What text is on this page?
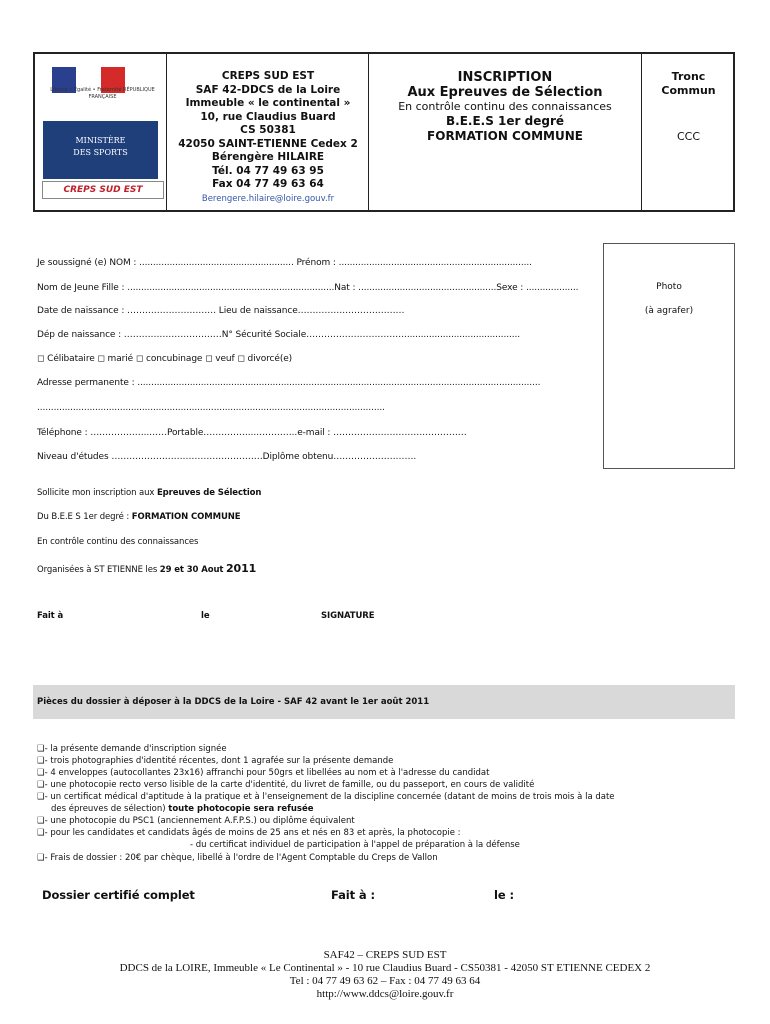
Liberté • Égalité • Fraternité RÉPUBLIQUE FRANÇAISE
MINISTÈRE
DES SPORTS
CREPS SUD EST
CREPS SUD EST
SAF 42-DDCS de la Loire
Immeuble « le continental »
10, rue Claudius Buard
CS 50381
42050 SAINT-ETIENNE Cedex 2
Bérengère HILAIRE
Tél. 04 77 49 63 95
Fax 04 77 49 63 64
Berengere.hilaire@loire.gouv.fr
INSCRIPTION
Aux Epreuves de Sélection
En contrôle continu des connaissances
B.E.E.S 1er degré
FORMATION COMMUNE
Tronc
Commun
CCC
Photo
(à agrafer)
Je soussigné (e) NOM : ........................................................ Prénom : ......................................................................
Nom de Jeune Fille : ...........................................................................Nat : ..................................................Sexe : ...................
Date de naissance : ………………………… Lieu de naissance………………………………
Dép de naissance : ……………………………N° Sécurité Sociale……………………………..........................................
◻ Célibataire ◻ marié ◻ concubinage ◻ veuf ◻ divorcé(e)
Adresse permanente : ..................................................................................................................................................
..............................................................................................................................
Téléphone : ………………..……Portable……………...…………..e-mail : ………………………………………
Niveau d'études ……………………………………………Diplôme obtenu……………………….
Sollicite mon inscription aux Epreuves de Sélection
Du B.E.E S 1er degré : FORMATION COMMUNE
En contrôle continu des connaissances
Organisées à ST ETIENNE les 29 et 30 Aout 2011
Fait à	le	SIGNATURE
Pièces du dossier à déposer à la DDCS de la Loire - SAF 42 avant le 1er août 2011
❑- la présente demande d'inscription signée
❑- trois photographies d'identité récentes, dont 1 agrafée sur la présente demande
❑- 4 enveloppes (autocollantes 23x16) affranchi pour 50grs et libellées au nom et à l'adresse du candidat
❑- une photocopie recto verso lisible de la carte d'identité, du livret de famille, ou du passeport, en cours de validité
❑- un certificat médical d'aptitude à la pratique et à l'enseignement de la discipline concernée (datant de moins de trois mois à la date
des épreuves de sélection) toute photocopie sera refusée
❑- une photocopie du PSC1 (anciennement A.F.P.S.) ou diplôme équivalent
❑- pour les candidates et candidats âgés de moins de 25 ans et nés en 83 et après, la photocopie :
- du certificat individuel de participation à l'appel de préparation à la défense
❑- Frais de dossier : 20€ par chèque, libellé à l'ordre de l'Agent Comptable du Creps de Vallon
Dossier certifié complet	Fait à :	le :
SAF42 – CREPS SUD EST
DDCS de la LOIRE, Immeuble « Le Continental » - 10 rue Claudius Buard - CS50381 - 42050 ST ETIENNE CEDEX 2
Tel : 04 77 49 63 62 – Fax : 04 77 49 63 64
http://www.ddcs@loire.gouv.fr
